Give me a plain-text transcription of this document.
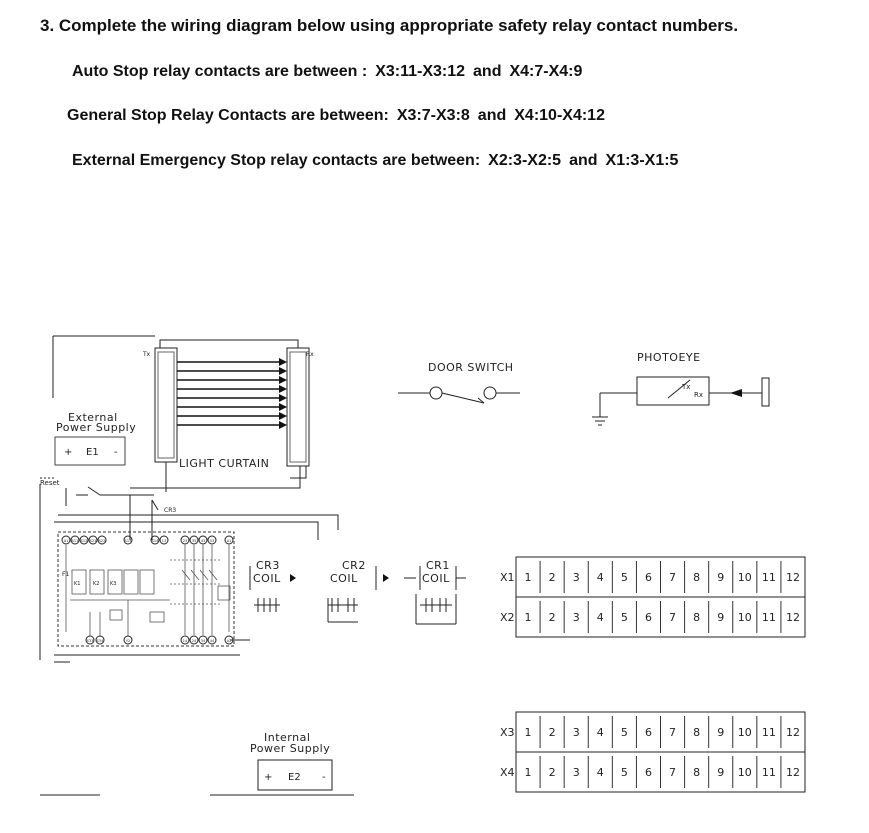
3. Complete the wiring diagram below using appropriate safety relay contact numbers.
Auto Stop relay contacts are between : X3:11-X3:12 and X4:7-X4:9
General Stop Relay Contacts are between: X3:7-X3:8 and X4:10-X4:12
External Emergency Stop relay contacts are between: X2:3-X2:5 and X1:3-X1:5
Tx	Rx
LIGHT CURTAIN
External
Power Supply
+ E1 -
Reset
DOOR SWITCH
PHOTOEYE
Tx
Rx
CR3
COIL
CR2
COIL
CR1
COIL
Internal
Power Supply
+ E2 -
CR3
F1
K1	K2 K3
A1 S11 S12 S21 S22	S13	S14 13	23 33 43 53	A1
S33 S34	Y2	14 24 34 44	A2
X1 1 2 3 4 5 6 7 8 9 10 11 12
X2 1 2 3 4 5 6 7 8 9 10 11 12
X3 1 2 3 4 5 6 7 8 9 10 11 12
X4 1 2 3 4 5 6 7 8 9 10 11 12
